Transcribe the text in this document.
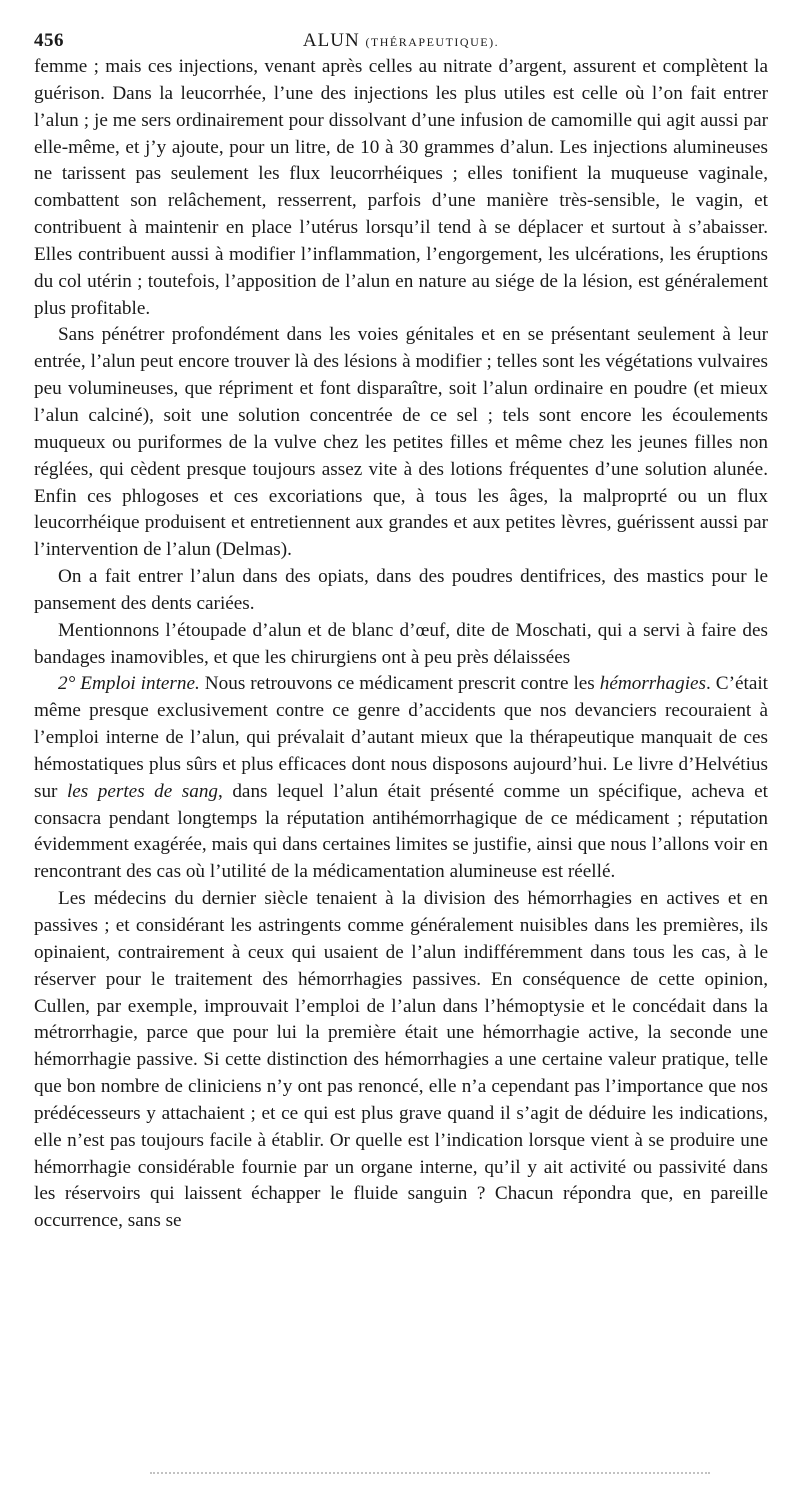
456	ALUN (THÉRAPEUTIQUE).

femme ; mais ces injections, venant après celles au nitrate d’argent, assurent et complètent la guérison. Dans la leucorrhée, l’une des injections les plus utiles est celle où l’on fait entrer l’alun ; je me sers ordinairement pour dissolvant d’une infusion de camomille qui agit aussi par elle-même, et j’y ajoute, pour un litre, de 10 à 30 grammes d’alun. Les injections alumineuses ne tarissent pas seulement les flux leucorrhéiques ; elles tonifient la muqueuse vaginale, combattent son relâchement, resserrent, parfois d’une manière très-sensible, le vagin, et contribuent à maintenir en place l’utérus lorsqu’il tend à se déplacer et surtout à s’abaisser. Elles contribuent aussi à modifier l’inflammation, l’engorgement, les ulcérations, les éruptions du col utérin ; toutefois, l’apposition de l’alun en nature au siége de la lésion, est généralement plus profitable.

Sans pénétrer profondément dans les voies génitales et en se présentant seulement à leur entrée, l’alun peut encore trouver là des lésions à modifier ; telles sont les végétations vulvaires peu volumineuses, que répriment et font disparaître, soit l’alun ordinaire en poudre (et mieux l’alun calciné), soit une solution concentrée de ce sel ; tels sont encore les écoulements muqueux ou puriformes de la vulve chez les petites filles et même chez les jeunes filles non réglées, qui cèdent presque toujours assez vite à des lotions fréquentes d’une solution alunée. Enfin ces phlogoses et ces excoriations que, à tous les âges, la malproprté ou un flux leucorrhéique produisent et entretiennent aux grandes et aux petites lèvres, guérissent aussi par l’intervention de l’alun (Delmas).

On a fait entrer l’alun dans des opiats, dans des poudres dentifrices, des mastics pour le pansement des dents cariées.

Mentionnons l’étoupade d’alun et de blanc d’œuf, dite de Moschati, qui a servi à faire des bandages inamovibles, et que les chirurgiens ont à peu près délaissées

2° Emploi interne. Nous retrouvons ce médicament prescrit contre les hémorrhagies. C’était même presque exclusivement contre ce genre d’accidents que nos devanciers recouraient à l’emploi interne de l’alun, qui prévalait d’autant mieux que la thérapeutique manquait de ces hémostatiques plus sûrs et plus efficaces dont nous disposons aujourd’hui. Le livre d’Helvétius sur les pertes de sang, dans lequel l’alun était présenté comme un spécifique, acheva et consacra pendant longtemps la réputation antihémorrhagique de ce médicament ; réputation évidemment exagérée, mais qui dans certaines limites se justifie, ainsi que nous l’allons voir en rencontrant des cas où l’utilité de la médicamentation alumineuse est réellé.

Les médecins du dernier siècle tenaient à la division des hémorrhagies en actives et en passives ; et considérant les astringents comme généralement nuisibles dans les premières, ils opinaient, contrairement à ceux qui usaient de l’alun indifféremment dans tous les cas, à le réserver pour le traitement des hémorrhagies passives. En conséquence de cette opinion, Cullen, par exemple, improuvait l’emploi de l’alun dans l’hémoptysie et le concédait dans la métrorrhagie, parce que pour lui la première était une hémorrhagie active, la seconde une hémorrhagie passive. Si cette distinction des hémorrhagies a une certaine valeur pratique, telle que bon nombre de cliniciens n’y ont pas renoncé, elle n’a cependant pas l’importance que nos prédécesseurs y attachaient ; et ce qui est plus grave quand il s’agit de déduire les indications, elle n’est pas toujours facile à établir. Or quelle est l’indication lorsque vient à se produire une hémorrhagie considérable fournie par un organe interne, qu’il y ait activité ou passivité dans les réservoirs qui laissent échapper le fluide sanguin ? Chacun répondra que, en pareille occurrence, sans se
